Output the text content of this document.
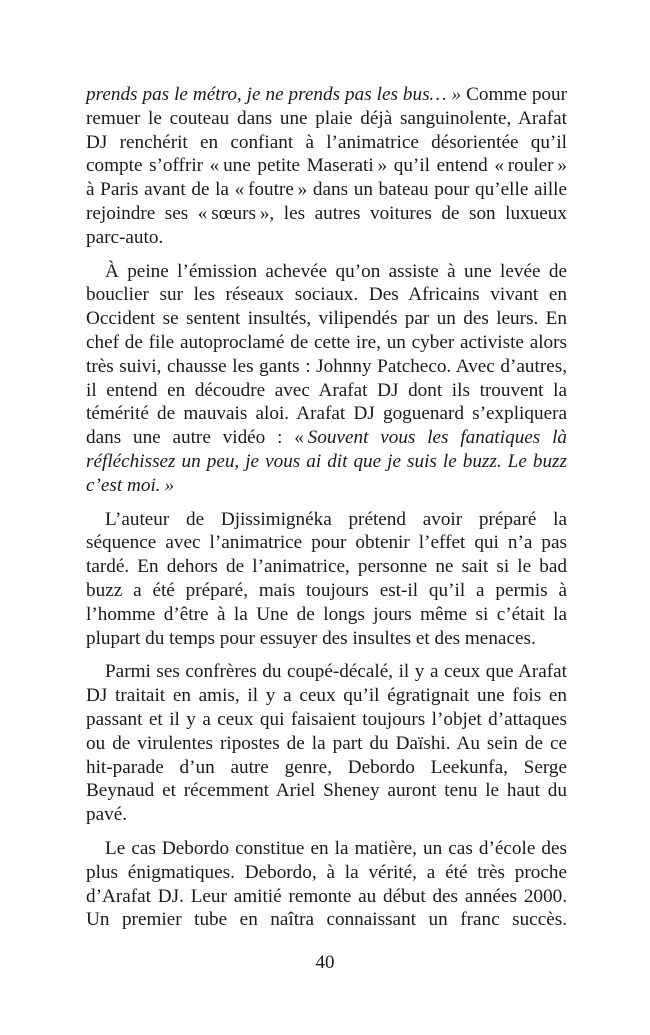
prends pas le métro, je ne prends pas les bus… » Comme pour remuer le couteau dans une plaie déjà sanguinolente, Arafat DJ renchérit en confiant à l’animatrice désorientée qu’il compte s’offrir « une petite Maserati » qu’il entend « rouler » à Paris avant de la « foutre » dans un bateau pour qu’elle aille rejoindre ses « sœurs », les autres voitures de son luxueux parc-auto.

À peine l’émission achevée qu’on assiste à une levée de bouclier sur les réseaux sociaux. Des Africains vivant en Occident se sentent insultés, vilipendés par un des leurs. En chef de file autoproclamé de cette ire, un cyber activiste alors très suivi, chausse les gants : Johnny Patcheco. Avec d’autres, il entend en découdre avec Arafat DJ dont ils trouvent la témérité de mauvais aloi. Arafat DJ goguenard s’expliquera dans une autre vidéo : « Souvent vous les fanatiques là réfléchissez un peu, je vous ai dit que je suis le buzz. Le buzz c’est moi. »

L’auteur de Djissimignéka prétend avoir préparé la séquence avec l’animatrice pour obtenir l’effet qui n’a pas tardé. En dehors de l’animatrice, personne ne sait si le bad buzz a été préparé, mais toujours est-il qu’il a permis à l’homme d’être à la Une de longs jours même si c’était la plupart du temps pour essuyer des insultes et des menaces.

Parmi ses confrères du coupé-décalé, il y a ceux que Arafat DJ traitait en amis, il y a ceux qu’il égratignait une fois en passant et il y a ceux qui faisaient toujours l’objet d’attaques ou de virulentes ripostes de la part du Daïshi. Au sein de ce hit-parade d’un autre genre, Debordo Leekunfa, Serge Beynaud et récemment Ariel Sheney auront tenu le haut du pavé.

Le cas Debordo constitue en la matière, un cas d’école des plus énigmatiques. Debordo, à la vérité, a été très proche d’Arafat DJ. Leur amitié remonte au début des années 2000. Un premier tube en naîtra connaissant un franc succès.

40
